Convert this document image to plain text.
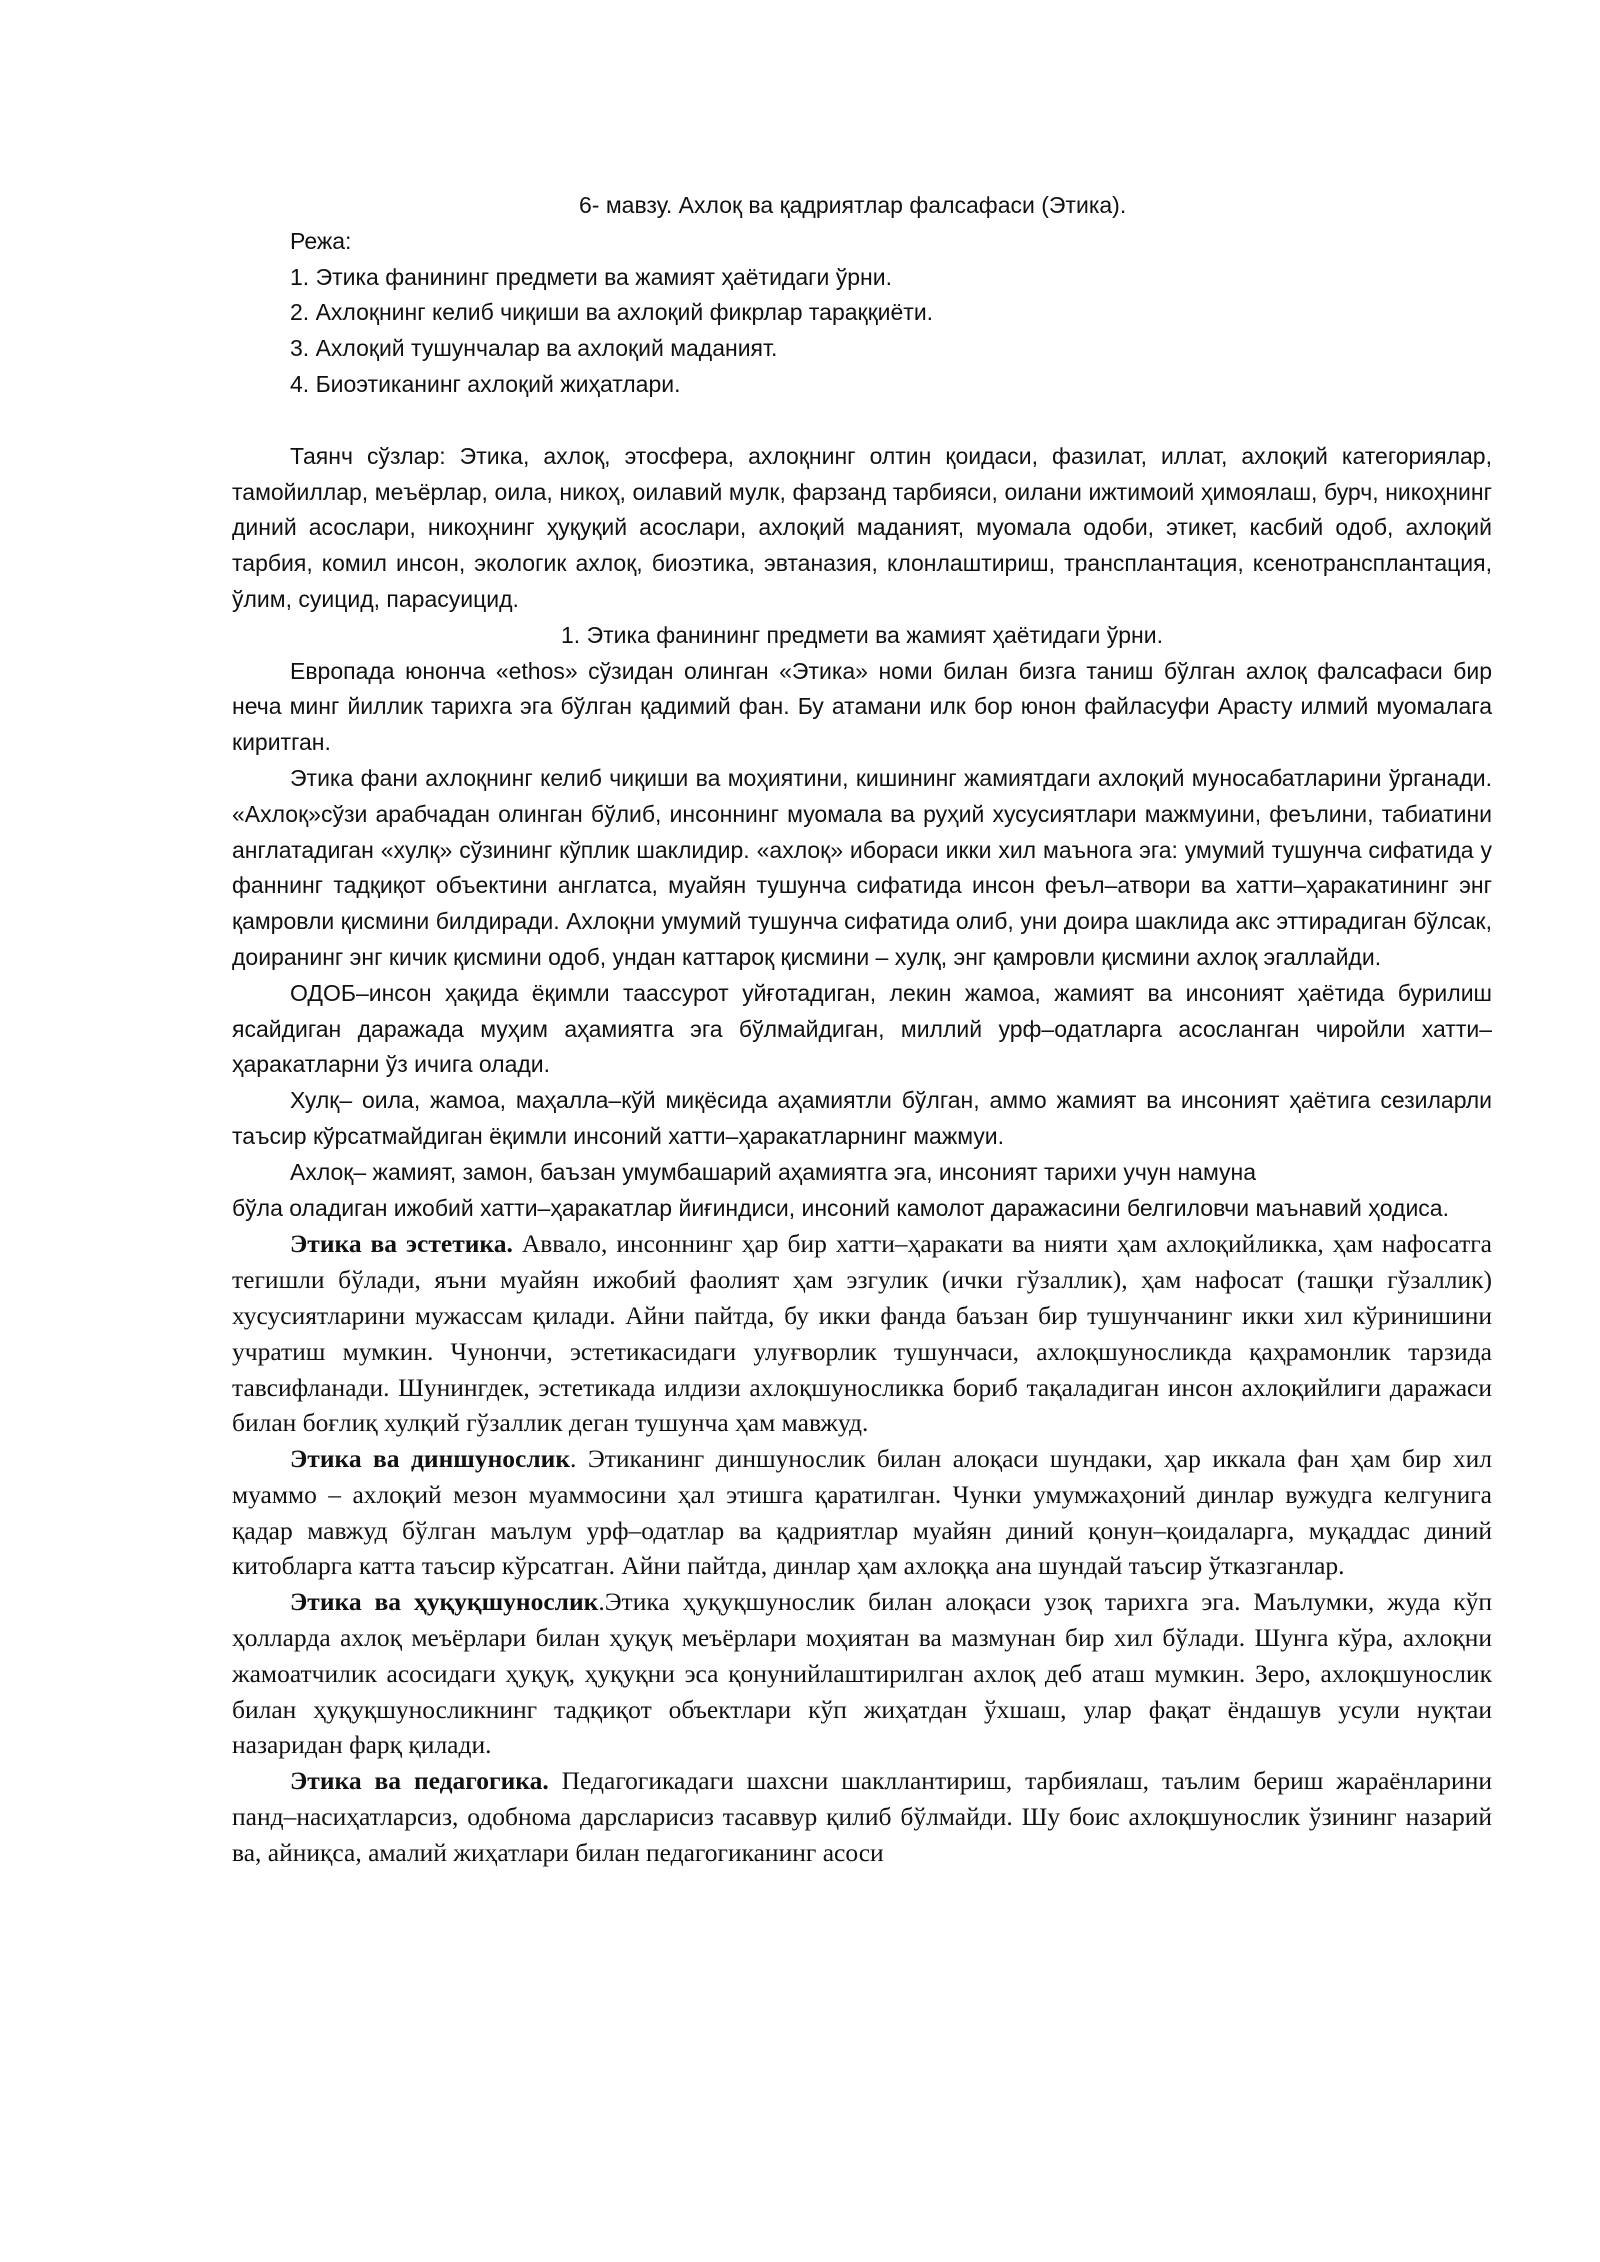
6- мавзу. Ахлоқ ва қадриятлар фалсафаси (Этика).

Режа:

1. Этика фанининг предмети ва жамият ҳаётидаги ўрни.

2. Ахлоқнинг келиб чиқиши ва ахлоқий фикрлар тараққиёти.

3. Ахлоқий тушунчалар ва ахлоқий маданият.

4. Биоэтиканинг ахлоқий жиҳатлари.

Таянч сўзлар: Этика, ахлоқ, этосфера, ахлоқнинг олтин қоидаси, фазилат, иллат, ахлоқий категориялар, тамойиллар, меъёрлар, оила, никоҳ, оилавий мулк, фарзанд тарбияси, оилани ижтимоий ҳимоялаш, бурч, никоҳнинг диний асослари, никоҳнинг ҳуқуқий асослари, ахлоқий маданият, муомала одоби, этикет, касбий одоб, ахлоқий тарбия, комил инсон, экологик ахлоқ, биоэтика, эвтаназия, клонлаштириш, трансплантация, ксенотрансплантация, ўлим, суицид, парасуицид.

1. Этика фанининг предмети ва жамият ҳаётидаги ўрни.

Европада юнонча «ethos» сўзидан олинган «Этика» номи билан бизга таниш бўлган ахлоқ фалсафаси бир неча минг йиллик тарихга эга бўлган қадимий фан. Бу атамани илк бор юнон файласуфи Арасту илмий муомалага киритган.

Этика фани ахлоқнинг келиб чиқиши ва моҳиятини, кишининг жамиятдаги ахлоқий муносабатларини ўрганади. «Ахлоқ»сўзи арабчадан олинган бўлиб, инсоннинг муомала ва руҳий хусусиятлари мажмуини, феълини, табиатини англатадиган «хулқ» сўзининг кўплик шаклидир. «ахлоқ» ибораси икки хил маънога эга: умумий тушунча сифатида у фаннинг тадқиқот объектини англатса, муайян тушунча сифатида инсон феъл–атвори ва хатти–ҳаракатининг энг қамровли қисмини билдиради. Ахлоқни умумий тушунча сифатида олиб, уни доира шаклида акс эттирадиган бўлсак, доиранинг энг кичик қисмини одоб, ундан каттароқ қисмини – хулқ, энг қамровли қисмини ахлоқ эгаллайди.

ОДОБ–инсон ҳақида ёқимли таассурот уйғотадиган, лекин жамоа, жамият ва инсоният ҳаётида бурилиш ясайдиган даражада муҳим аҳамиятга эга бўлмайдиган, миллий урф–одатларга асосланган чиройли хатти–ҳаракатларни ўз ичига олади.

Хулқ– оила, жамоа, маҳалла–кўй миқёсида аҳамиятли бўлган, аммо жамият ва инсоният ҳаётига сезиларли таъсир кўрсатмайдиган ёқимли инсоний хатти–ҳаракатларнинг мажмуи.

Ахлоқ– жамият, замон, баъзан умумбашарий аҳамиятга эга, инсоният тарихи учун намуна

бўла оладиган ижобий хатти–ҳаракатлар йиғиндиси, инсоний камолот даражасини белгиловчи маънавий ҳодиса.

Этика ва эстетика. Аввало, инсоннинг ҳар бир хатти–ҳаракати ва нияти ҳам ахлоқийликка, ҳам нафосатга тегишли бўлади, яъни муайян ижобий фаолият ҳам эзгулик (ички гўзаллик), ҳам нафосат (ташқи гўзаллик) хусусиятларини мужассам қилади. Айни пайтда, бу икки фанда баъзан бир тушунчанинг икки хил кўринишини учратиш мумкин. Чунончи, эстетикасидаги улуғворлик тушунчаси, ахлоқшуносликда қаҳрамонлик тарзида тавсифланади. Шунингдек, эстетикада илдизи ахлоқшуносликка бориб тақаладиган инсон ахлоқийлиги даражаси билан боғлиқ хулқий гўзаллик деган тушунча ҳам мавжуд.

Этика ва диншунослик. Этиканинг диншунослик билан алоқаси шундаки, ҳар иккала фан ҳам бир хил муаммо – ахлоқий мезон муаммосини ҳал этишга қаратилган. Чунки умумжаҳоний динлар вужудга келгунига қадар мавжуд бўлган маълум урф–одатлар ва қадриятлар муайян диний қонун–қоидаларга, муқаддас диний китобларга катта таъсир кўрсатган. Айни пайтда, динлар ҳам ахлоққа ана шундай таъсир ўтказганлар.

Этика ва ҳуқуқшунослик.Этика ҳуқуқшунослик билан алоқаси узоқ тарихга эга. Маълумки, жуда кўп ҳолларда ахлоқ меъёрлари билан ҳуқуқ меъёрлари моҳиятан ва мазмунан бир хил бўлади. Шунга кўра, ахлоқни жамоатчилик асосидаги ҳуқуқ, ҳуқуқни эса қонунийлаштирилган ахлоқ деб аташ мумкин. Зеро, ахлоқшунослик билан ҳуқуқшуносликнинг тадқиқот объектлари кўп жиҳатдан ўхшаш, улар фақат ёндашув усули нуқтаи назаридан фарқ қилади.

Этика ва педагогика. Педагогикадаги шахсни шакллантириш, тарбиялаш, таълим бериш жараёнларини панд–насиҳатларсиз, одобнома дарсларисиз тасаввур қилиб бўлмайди. Шу боис ахлоқшунослик ўзининг назарий ва, айниқса, амалий жиҳатлари билан педагогиканинг асоси
